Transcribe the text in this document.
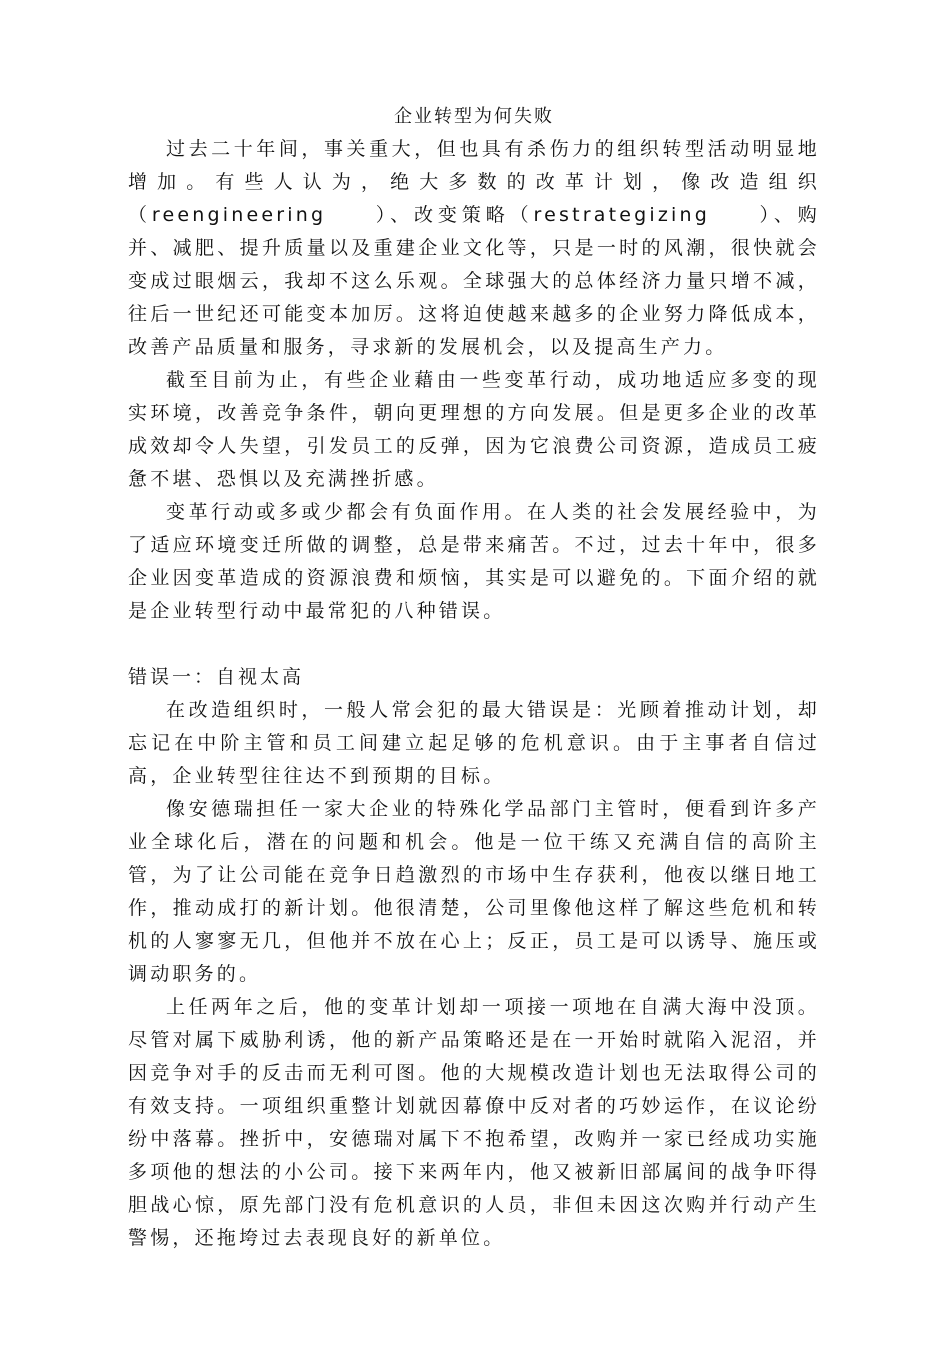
企业转型为何失败

过去二十年间，事关重大，但也具有杀伤力的组织转型活动明显地增加。有些人认为，绝大多数的改革计划，像改造组织（reengineering　　）、改变策略（restrategizing　　）、购并、减肥、提升质量以及重建企业文化等，只是一时的风潮，很快就会变成过眼烟云，我却不这么乐观。全球强大的总体经济力量只增不减，往后一世纪还可能变本加厉。这将迫使越来越多的企业努力降低成本，改善产品质量和服务，寻求新的发展机会，以及提高生产力。

截至目前为止，有些企业藉由一些变革行动，成功地适应多变的现实环境，改善竞争条件，朝向更理想的方向发展。但是更多企业的改革成效却令人失望，引发员工的反弹，因为它浪费公司资源，造成员工疲惫不堪、恐惧以及充满挫折感。

变革行动或多或少都会有负面作用。在人类的社会发展经验中，为了适应环境变迁所做的调整，总是带来痛苦。不过，过去十年中，很多企业因变革造成的资源浪费和烦恼，其实是可以避免的。下面介绍的就是企业转型行动中最常犯的八种错误。

错误一：自视太高

在改造组织时，一般人常会犯的最大错误是：光顾着推动计划，却忘记在中阶主管和员工间建立起足够的危机意识。由于主事者自信过高，企业转型往往达不到预期的目标。

像安德瑞担任一家大企业的特殊化学品部门主管时，便看到许多产业全球化后，潜在的问题和机会。他是一位干练又充满自信的高阶主管，为了让公司能在竞争日趋激烈的市场中生存获利，他夜以继日地工作，推动成打的新计划。他很清楚，公司里像他这样了解这些危机和转机的人寥寥无几，但他并不放在心上；反正，员工是可以诱导、施压或调动职务的。

上任两年之后，他的变革计划却一项接一项地在自满大海中没顶。尽管对属下威胁利诱，他的新产品策略还是在一开始时就陷入泥沼，并因竞争对手的反击而无利可图。他的大规模改造计划也无法取得公司的有效支持。一项组织重整计划就因幕僚中反对者的巧妙运作，在议论纷纷中落幕。挫折中，安德瑞对属下不抱希望，改购并一家已经成功实施多项他的想法的小公司。接下来两年内，他又被新旧部属间的战争吓得胆战心惊，原先部门没有危机意识的人员，非但未因这次购并行动产生警惕，还拖垮过去表现良好的新单位。
